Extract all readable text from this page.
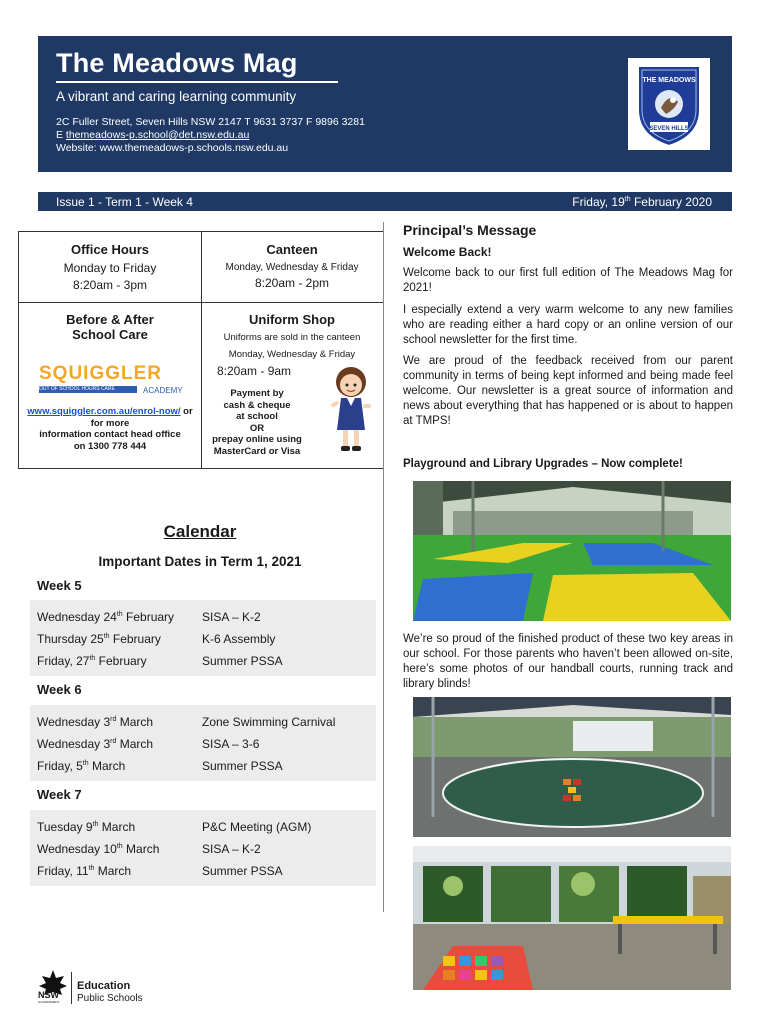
The Meadows Mag
A vibrant and caring learning community
2C Fuller Street, Seven Hills NSW 2147 T 9631 3737 F 9896 3281
E themeadows-p.school@det.nsw.edu.au
Website: www.themeadows-p.schools.nsw.edu.au
THE MEADOWS
SEVEN HILLS
Issue 1 - Term 1 - Week 4	Friday, 19th February 2020
Office Hours
Monday to Friday
8:20am - 3pm
Canteen
Monday, Wednesday & Friday
8:20am - 2pm
Before & After
School Care
SQUIGGLER
OUT OF SCHOOL HOURS CARE	ACADEMY
www.squiggler.com.au/enrol-now/ or for more
information contact head office
on 1300 778 444
Uniform Shop
Uniforms are sold in the canteen
Monday, Wednesday & Friday
8:20am - 9am
Payment by
cash & cheque
at school
OR
prepay online using
MasterCard or Visa
Calendar
Important Dates in Term 1, 2021
Week 5
Wednesday 24th February SISA – K-2
Thursday 25th February	K-6 Assembly
Friday, 27th February	Summer PSSA
Week 6
Wednesday 3rd March	Zone Swimming Carnival
Wednesday 3rd March	SISA – 3-6
Friday, 5th March	Summer PSSA
Week 7
Tuesday 9th March	P&C Meeting (AGM)
Wednesday 10th March	SISA – K-2
Friday, 11th March	Summer PSSA
Principal’s Message
Welcome Back!
Welcome back to our first full edition of The Meadows Mag for 2021!
I especially extend a very warm welcome to any new families who are reading either a hard copy or an online version of our school newsletter for the first time.
We are proud of the feedback received from our parent community in terms of being kept informed and being made feel welcome. Our newsletter is a great source of information and news about everything that has happened or is about to happen at TMPS!
Playground and Library Upgrades – Now complete!
We’re so proud of the finished product of these two key areas in our school. For those parents who haven’t been allowed on-site, here’s some photos of our handball courts, running track and library blinds!
NSW
GOVERNMENT
Education
Public Schools
